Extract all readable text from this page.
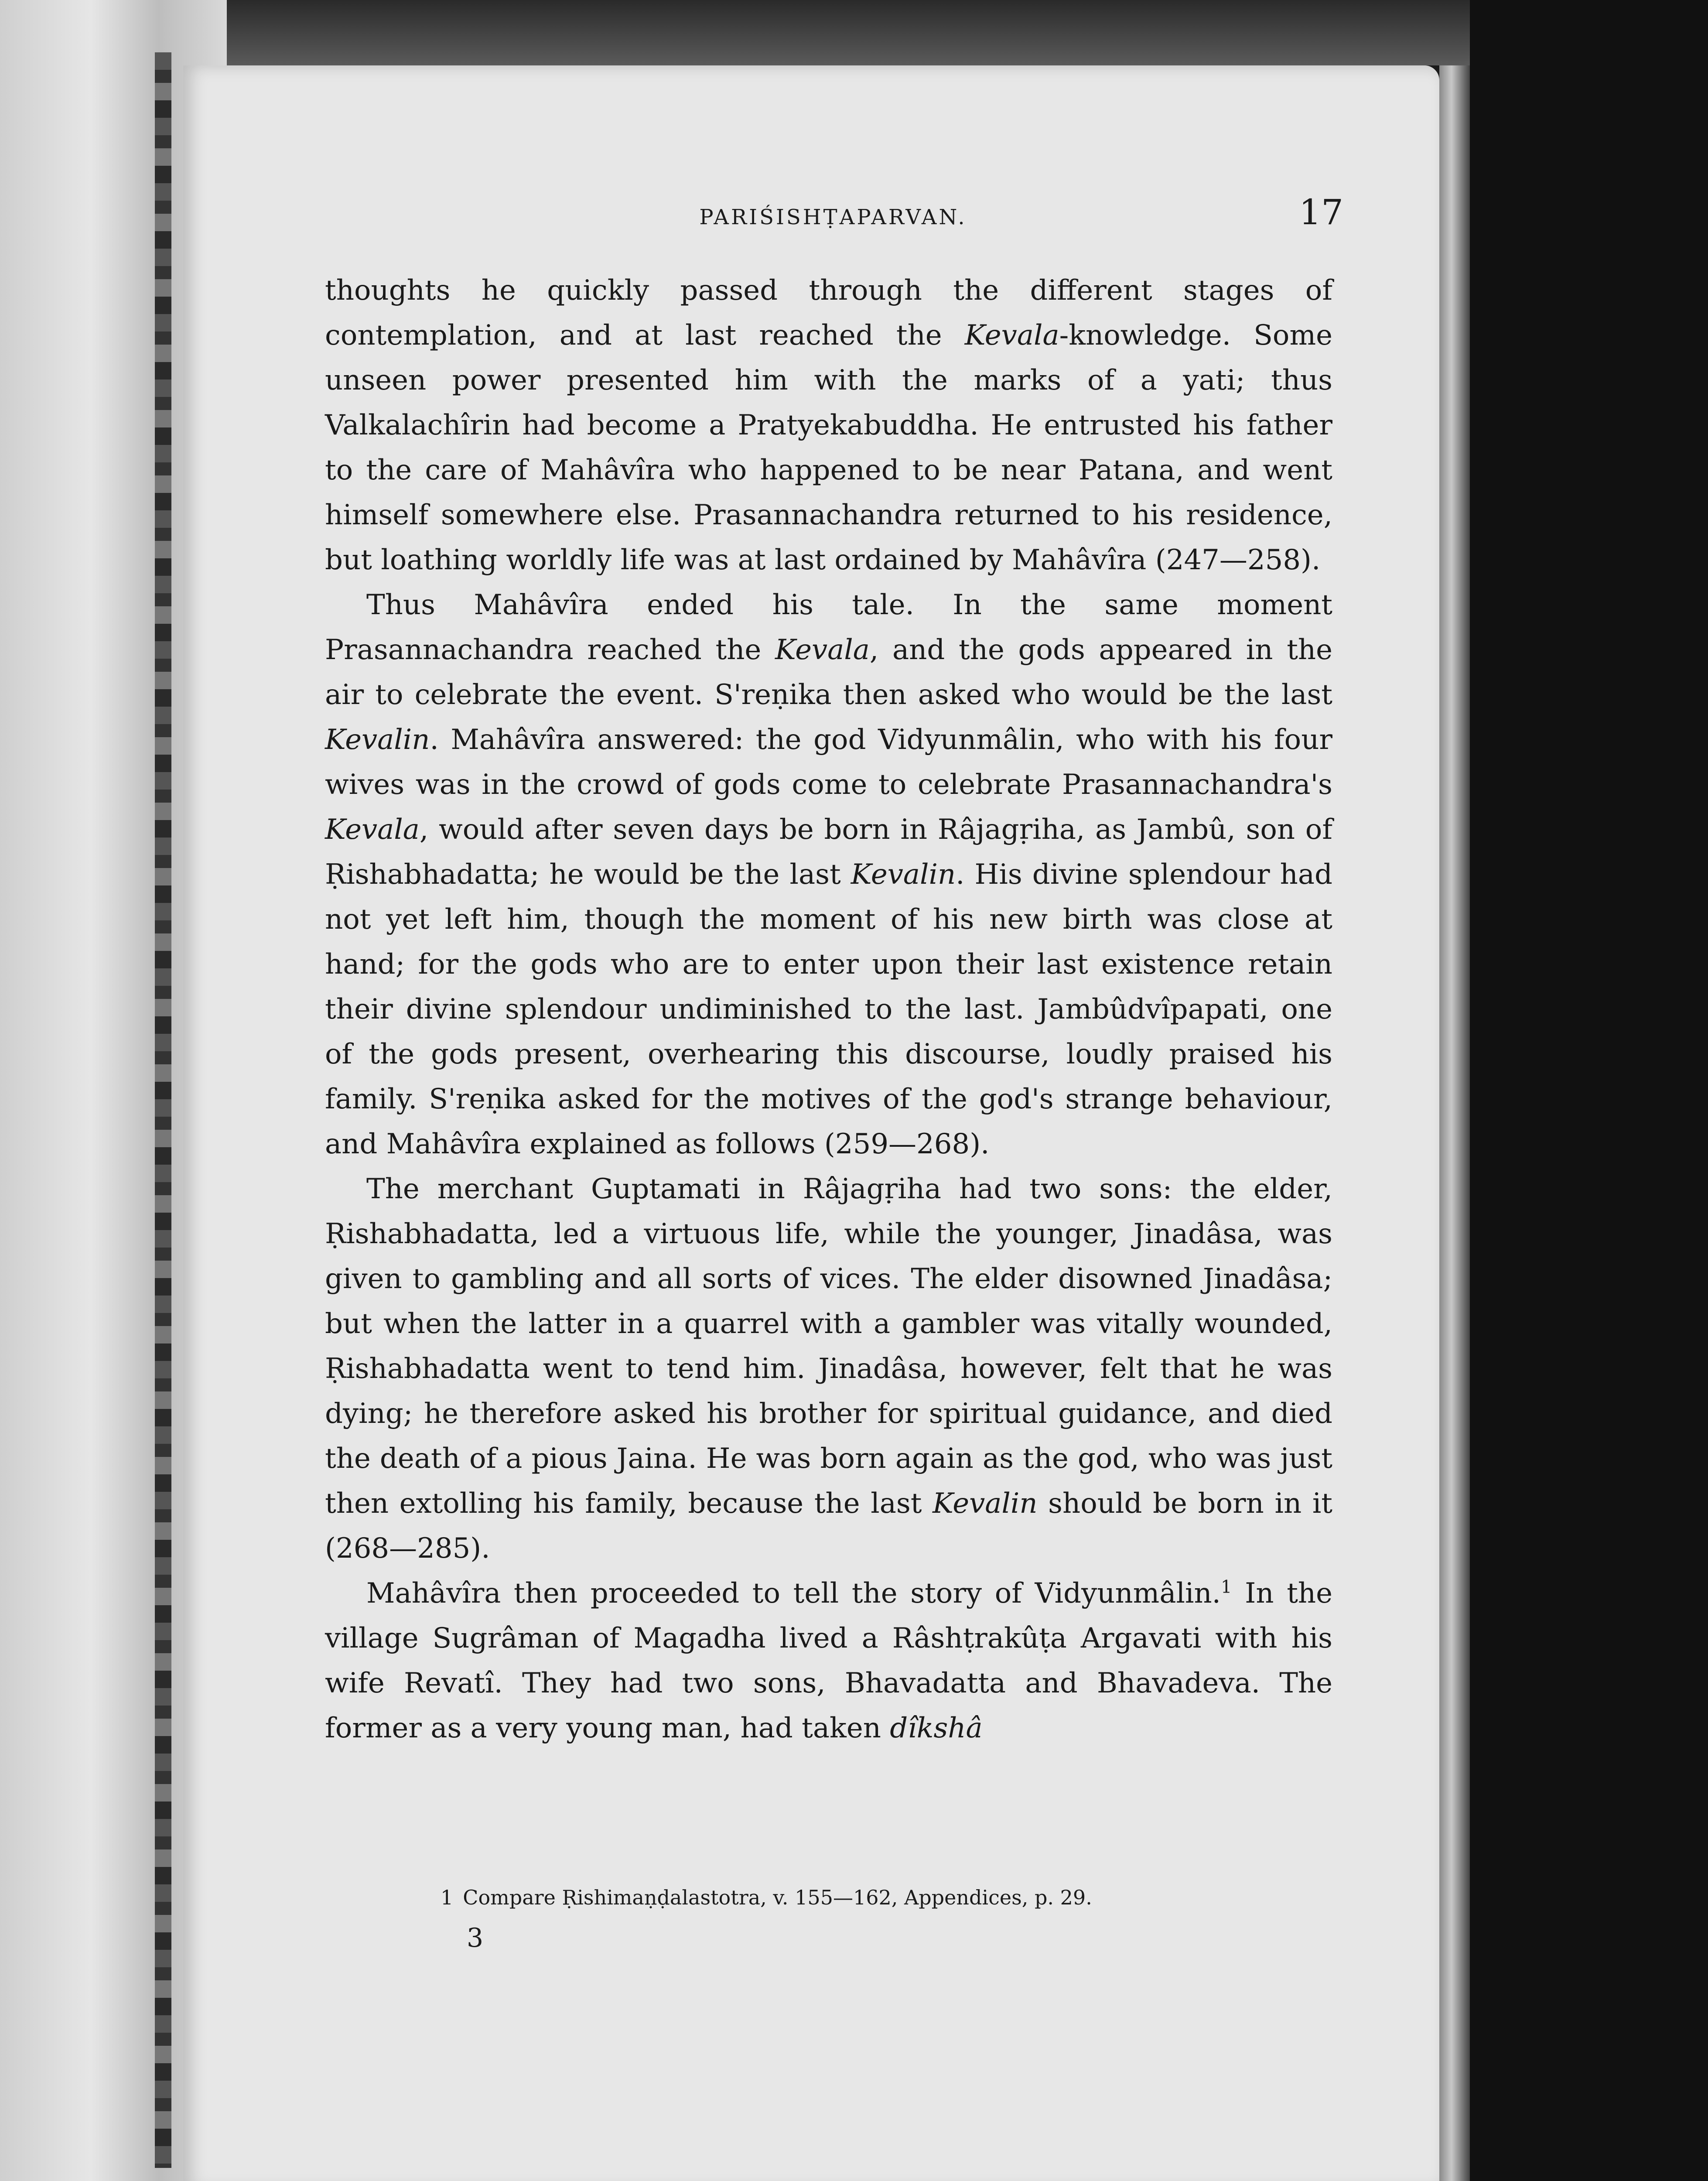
PARIŚISHṬAPARVAN.	17

thoughts he quickly passed through the different stages of contemplation, and at last reached the Kevala-knowledge. Some unseen power presented him with the marks of a yati; thus Valkalachîrin had become a Pratyekabuddha. He entrusted his father to the care of Mahâvîra who happened to be near Patana, and went himself somewhere else. Prasannachandra returned to his residence, but loathing worldly life was at last ordained by Mahâvîra (247—258).

Thus Mahâvîra ended his tale. In the same moment Prasannachandra reached the Kevala, and the gods appeared in the air to celebrate the event. S'reṇika then asked who would be the last Kevalin. Mahâvîra answered: the god Vidyunmâlin, who with his four wives was in the crowd of gods come to celebrate Prasannachandra's Kevala, would after seven days be born in Râjagṛiha, as Jambû, son of Ṛishabhadatta; he would be the last Kevalin. His divine splendour had not yet left him, though the moment of his new birth was close at hand; for the gods who are to enter upon their last existence retain their divine splendour undiminished to the last. Jambûdvîpapati, one of the gods present, overhearing this discourse, loudly praised his family. S'reṇika asked for the motives of the god's strange behaviour, and Mahâvîra explained as follows (259—268).

The merchant Guptamati in Râjagṛiha had two sons: the elder, Ṛishabhadatta, led a virtuous life, while the younger, Jinadâsa, was given to gambling and all sorts of vices. The elder disowned Jinadâsa; but when the latter in a quarrel with a gambler was vitally wounded, Ṛishabhadatta went to tend him. Jinadâsa, however, felt that he was dying; he therefore asked his brother for spiritual guidance, and died the death of a pious Jaina. He was born again as the god, who was just then extolling his family, because the last Kevalin should be born in it (268—285).

Mahâvîra then proceeded to tell the story of Vidyunmâlin.$^1$ In the village Sugrâman of Magadha lived a Râshṭrakûṭa Argavati with his wife Revatî. They had two sons, Bhavadatta and Bhavadeva. The former as a very young man, had taken dîkshâ

1 Compare Ṛishimaṇḍalastotra, v. 155—162, Appendices, p. 29.
3
